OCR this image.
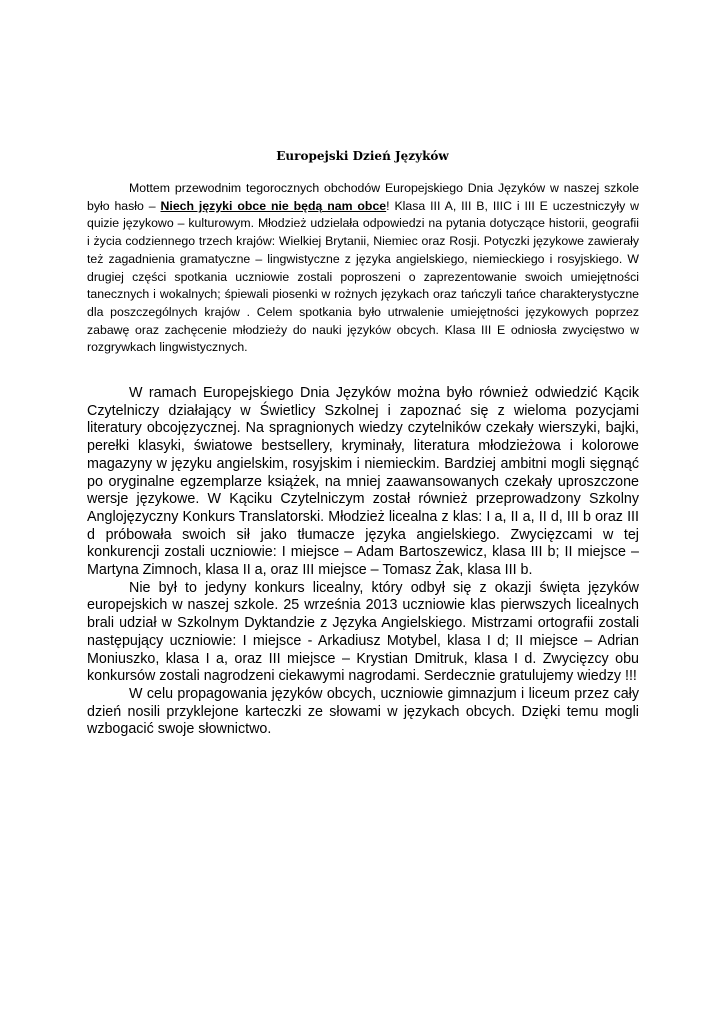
Europejski Dzień Języków

Mottem przewodnim tegorocznych obchodów Europejskiego Dnia Języków w naszej szkole było hasło – Niech języki obce nie będą nam obce! Klasa III A, III B, IIIC i III E uczestniczyły w quizie językowo – kulturowym. Młodzież udzielała odpowiedzi na pytania dotyczące historii, geografii i życia codziennego trzech krajów: Wielkiej Brytanii, Niemiec oraz Rosji. Potyczki językowe zawierały też zagadnienia gramatyczne – lingwistyczne z języka angielskiego, niemieckiego i rosyjskiego. W drugiej części spotkania uczniowie zostali poproszeni o zaprezentowanie swoich umiejętności tanecznych i wokalnych; śpiewali piosenki w rożnych językach oraz tańczyli tańce charakterystyczne dla poszczególnych krajów . Celem spotkania było utrwalenie umiejętności językowych poprzez zabawę oraz zachęcenie młodzieży do nauki języków obcych. Klasa III E odniosła zwycięstwo w rozgrywkach lingwistycznych.

W ramach Europejskiego Dnia Języków można było również odwiedzić Kącik Czytelniczy działający w Świetlicy Szkolnej i zapoznać się z wieloma pozycjami literatury obcojęzycznej. Na spragnionych wiedzy czytelników czekały wierszyki, bajki, perełki klasyki, światowe bestsellery, kryminały, literatura młodzieżowa i kolorowe magazyny w języku angielskim, rosyjskim i niemieckim. Bardziej ambitni mogli sięgnąć po oryginalne egzemplarze książek, na mniej zaawansowanych czekały uproszczone wersje językowe. W Kąciku Czytelniczym został również przeprowadzony Szkolny Anglojęzyczny Konkurs Translatorski. Młodzież licealna z klas: I a, II a, II d, III b oraz III d próbowała swoich sił jako tłumacze języka angielskiego. Zwycięzcami w tej konkurencji zostali uczniowie: I miejsce – Adam Bartoszewicz, klasa III b; II miejsce – Martyna Zimnoch, klasa II a, oraz III miejsce – Tomasz Żak, klasa III b.

Nie był to jedyny konkurs licealny, który odbył się z okazji święta języków europejskich w naszej szkole. 25 września 2013 uczniowie klas pierwszych licealnych brali udział w Szkolnym Dyktandzie z Języka Angielskiego. Mistrzami ortografii zostali następujący uczniowie: I miejsce - Arkadiusz Motybel, klasa I d; II miejsce – Adrian Moniuszko, klasa I a, oraz III miejsce – Krystian Dmitruk, klasa I d. Zwycięzcy obu konkursów zostali nagrodzeni ciekawymi nagrodami. Serdecznie gratulujemy wiedzy !!!

W celu propagowania języków obcych, uczniowie gimnazjum i liceum przez cały dzień nosili przyklejone karteczki ze słowami w językach obcych. Dzięki temu mogli wzbogacić swoje słownictwo.
